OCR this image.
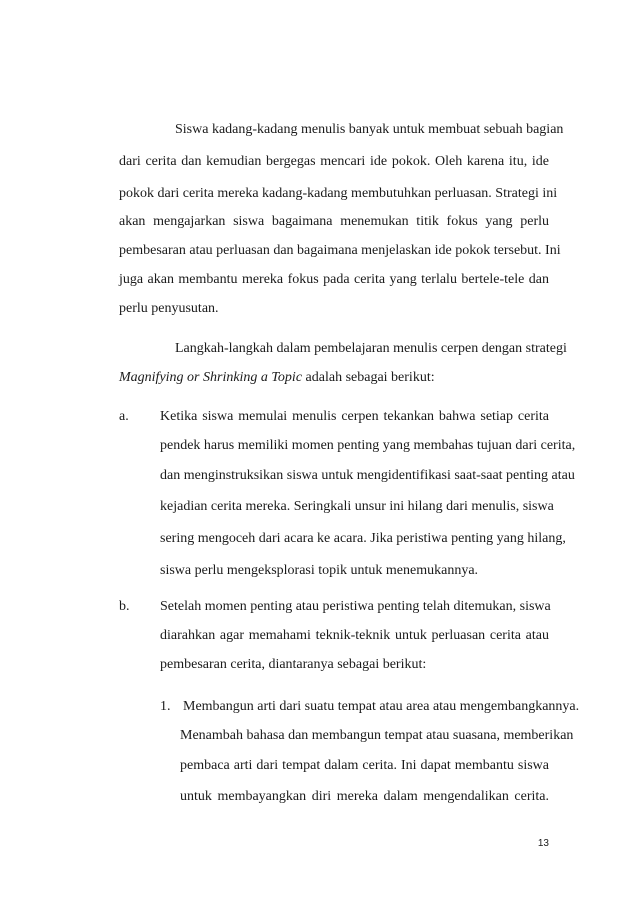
Siswa kadang-kadang menulis banyak untuk membuat sebuah bagian
dari cerita dan kemudian bergegas mencari ide pokok. Oleh karena itu, ide
pokok dari cerita mereka kadang-kadang membutuhkan perluasan. Strategi ini
akan mengajarkan siswa bagaimana menemukan titik fokus yang perlu
pembesaran atau perluasan dan bagaimana menjelaskan ide pokok tersebut. Ini
juga akan membantu mereka fokus pada cerita yang terlalu bertele-tele dan
perlu penyusutan.
Langkah-langkah dalam pembelajaran menulis cerpen dengan strategi
Magnifying or Shrinking a Topic adalah sebagai berikut:
a.	Ketika siswa memulai menulis cerpen tekankan bahwa setiap cerita
pendek harus memiliki momen penting yang membahas tujuan dari cerita,
dan menginstruksikan siswa untuk mengidentifikasi saat-saat penting atau
kejadian cerita mereka. Seringkali unsur ini hilang dari menulis, siswa
sering mengoceh dari acara ke acara. Jika peristiwa penting yang hilang,
siswa perlu mengeksplorasi topik untuk menemukannya.
b.	Setelah momen penting atau peristiwa penting telah ditemukan, siswa
diarahkan agar memahami teknik-teknik untuk perluasan cerita atau
pembesaran cerita, diantaranya sebagai berikut:
1. Membangun arti dari suatu tempat atau area atau mengembangkannya.
Menambah bahasa dan membangun tempat atau suasana, memberikan
pembaca arti dari tempat dalam cerita. Ini dapat membantu siswa
untuk membayangkan diri mereka dalam mengendalikan cerita.
13
